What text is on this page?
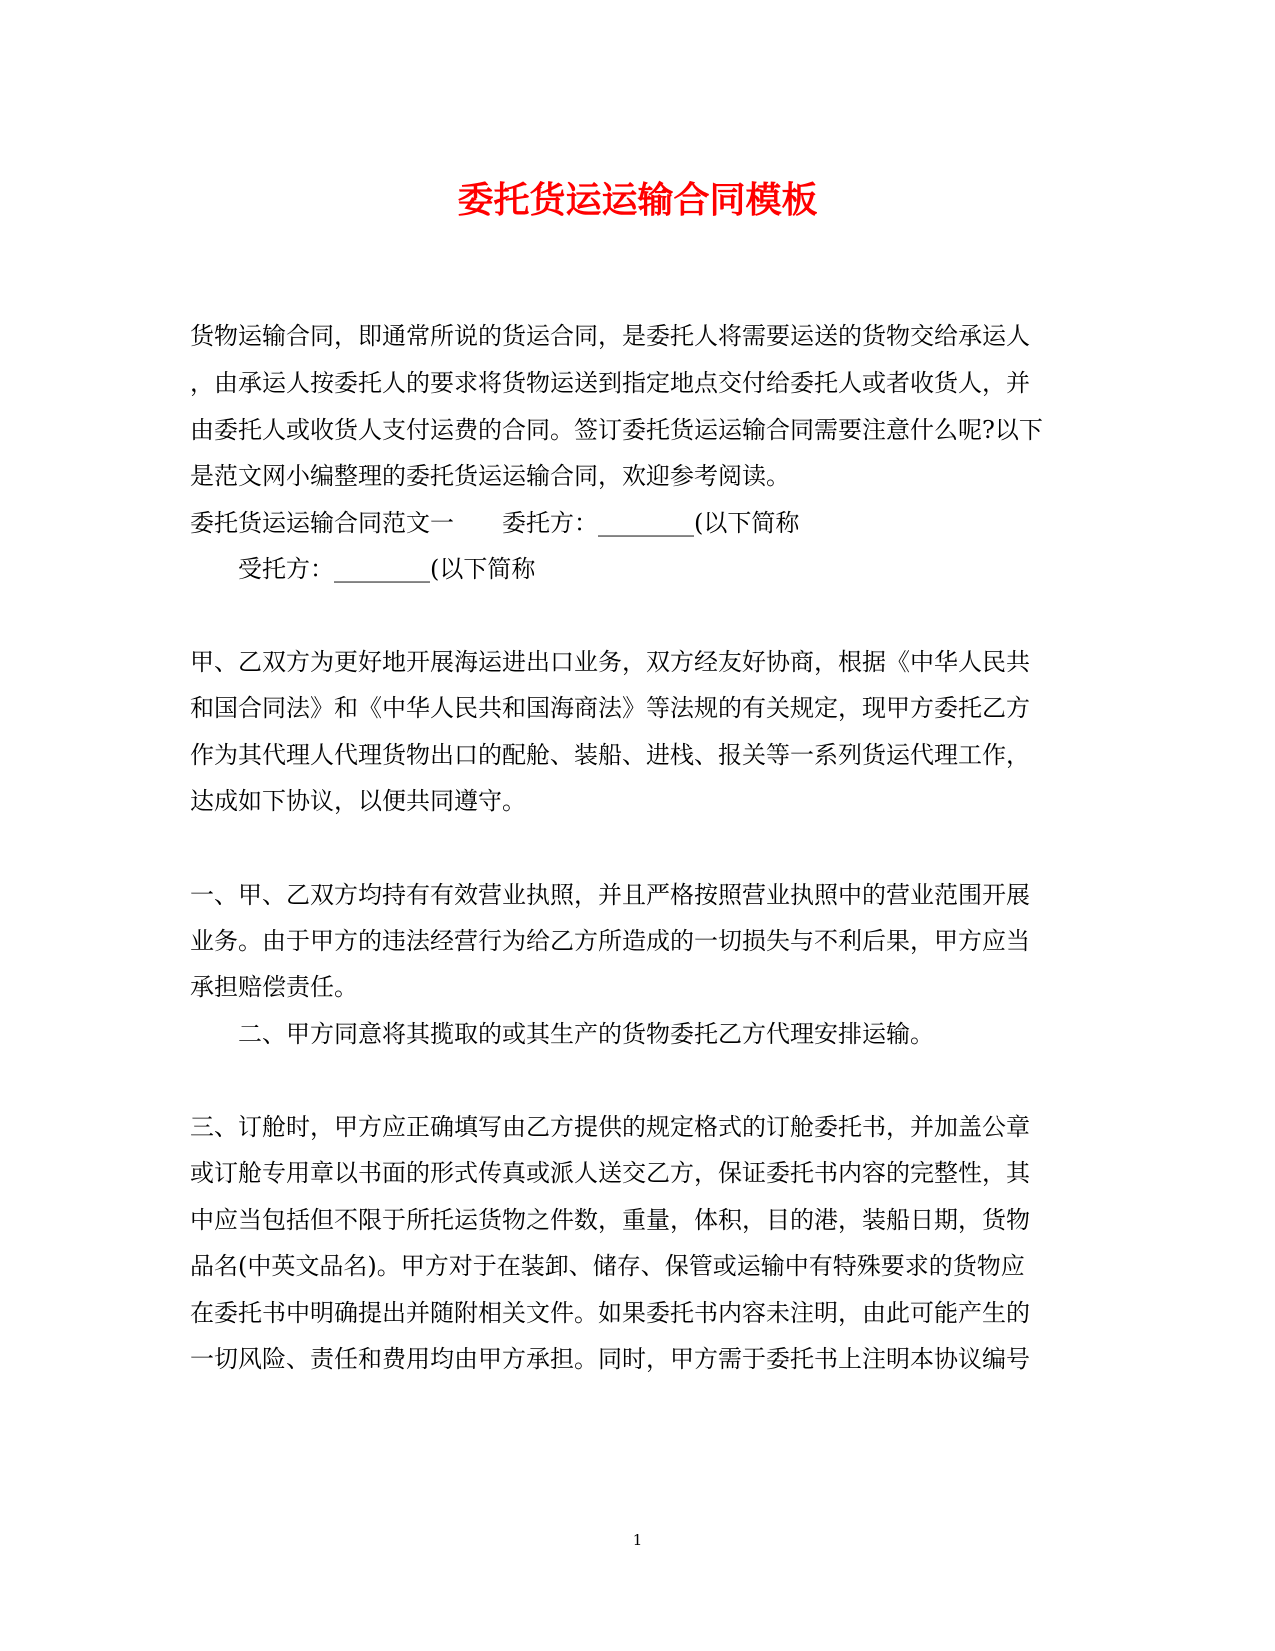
委托货运运输合同模板
货物运输合同，即通常所说的货运合同，是委托人将需要运送的货物交给承运人
，由承运人按委托人的要求将货物运送到指定地点交付给委托人或者收货人，并
由委托人或收货人支付运费的合同。签订委托货运运输合同需要注意什么呢?以下
是范文网小编整理的委托货运运输合同，欢迎参考阅读。
委托货运运输合同范文一 委托方：________(以下简称
受托方：________(以下简称
甲、乙双方为更好地开展海运进出口业务，双方经友好协商，根据《中华人民共
和国合同法》和《中华人民共和国海商法》等法规的有关规定，现甲方委托乙方
作为其代理人代理货物出口的配舱、装船、进栈、报关等一系列货运代理工作，
达成如下协议，以便共同遵守。
一、甲、乙双方均持有有效营业执照，并且严格按照营业执照中的营业范围开展
业务。由于甲方的违法经营行为给乙方所造成的一切损失与不利后果，甲方应当
承担赔偿责任。
二、甲方同意将其揽取的或其生产的货物委托乙方代理安排运输。
三、订舱时，甲方应正确填写由乙方提供的规定格式的订舱委托书，并加盖公章
或订舱专用章以书面的形式传真或派人送交乙方，保证委托书内容的完整性，其
中应当包括但不限于所托运货物之件数，重量，体积，目的港，装船日期，货物
品名(中英文品名)。甲方对于在装卸、储存、保管或运输中有特殊要求的货物应
在委托书中明确提出并随附相关文件。如果委托书内容未注明，由此可能产生的
一切风险、责任和费用均由甲方承担。同时，甲方需于委托书上注明本协议编号
1
